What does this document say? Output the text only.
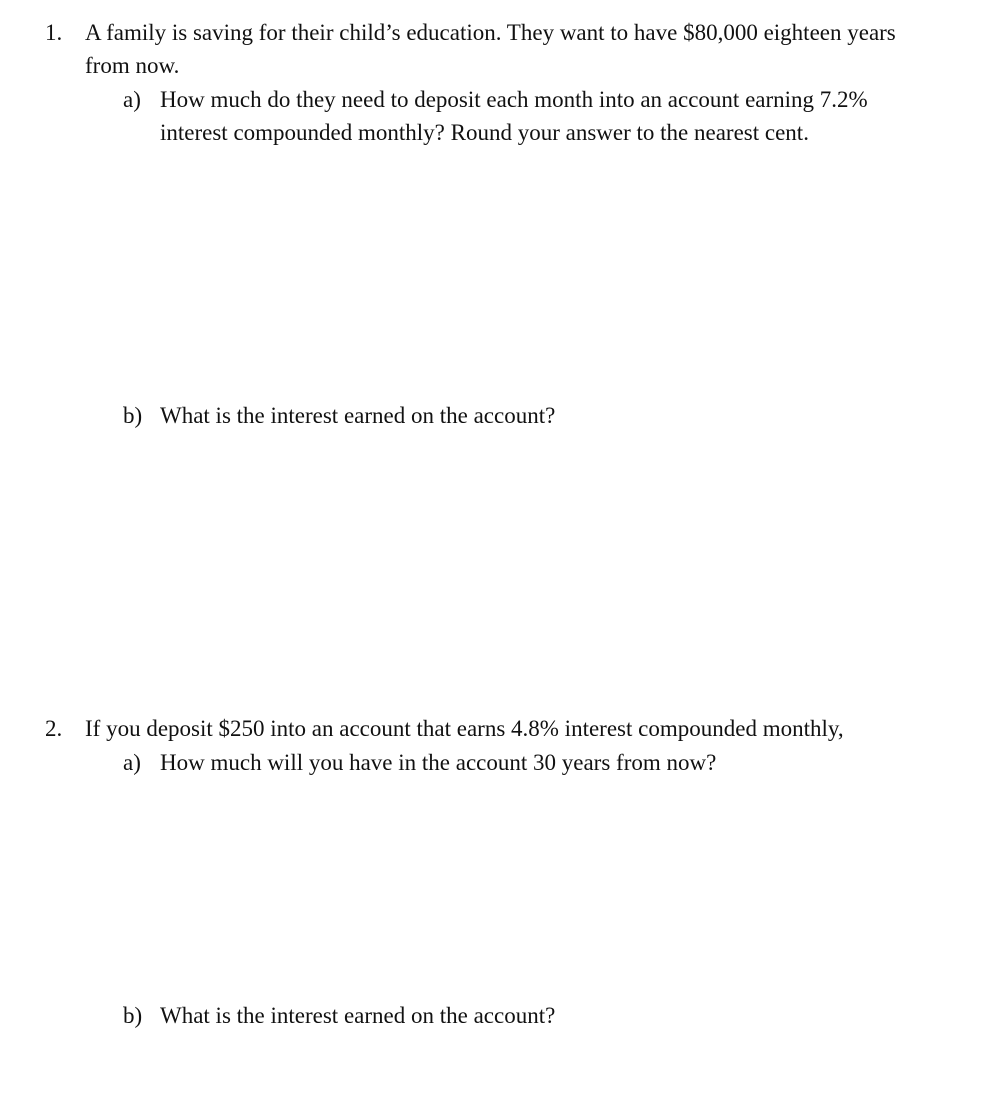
1. A family is saving for their child’s education. They want to have $80,000 eighteen years
from now.
a) How much do they need to deposit each month into an account earning 7.2%
interest compounded monthly? Round your answer to the nearest cent.
b) What is the interest earned on the account?
2. If you deposit $250 into an account that earns 4.8% interest compounded monthly,
a) How much will you have in the account 30 years from now?
b) What is the interest earned on the account?
